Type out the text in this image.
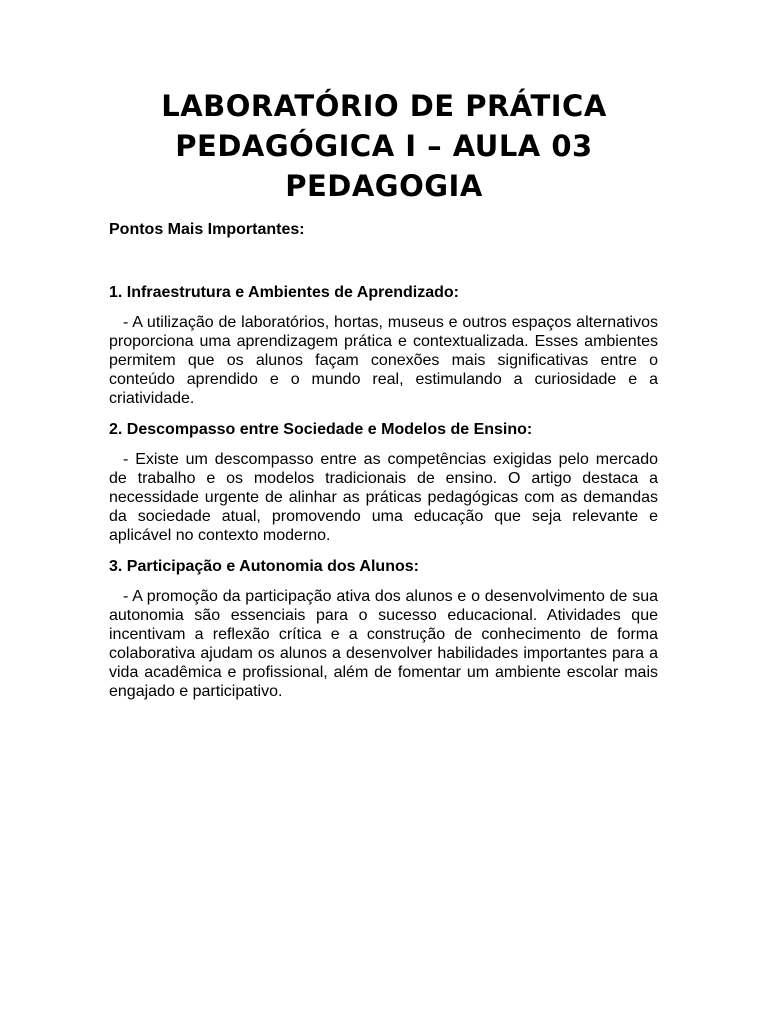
LABORATÓRIO DE PRÁTICA
PEDAGÓGICA I – AULA 03
PEDAGOGIA

Pontos Mais Importantes:

1. Infraestrutura e Ambientes de Aprendizado:

- A utilização de laboratórios, hortas, museus e outros espaços alternativos proporciona uma aprendizagem prática e contextualizada. Esses ambientes permitem que os alunos façam conexões mais significativas entre o conteúdo aprendido e o mundo real, estimulando a curiosidade e a criatividade.

2. Descompasso entre Sociedade e Modelos de Ensino:

- Existe um descompasso entre as competências exigidas pelo mercado de trabalho e os modelos tradicionais de ensino. O artigo destaca a necessidade urgente de alinhar as práticas pedagógicas com as demandas da sociedade atual, promovendo uma educação que seja relevante e aplicável no contexto moderno.

3. Participação e Autonomia dos Alunos:

- A promoção da participação ativa dos alunos e o desenvolvimento de sua autonomia são essenciais para o sucesso educacional. Atividades que incentivam a reflexão crítica e a construção de conhecimento de forma colaborativa ajudam os alunos a desenvolver habilidades importantes para a vida acadêmica e profissional, além de fomentar um ambiente escolar mais engajado e participativo.
